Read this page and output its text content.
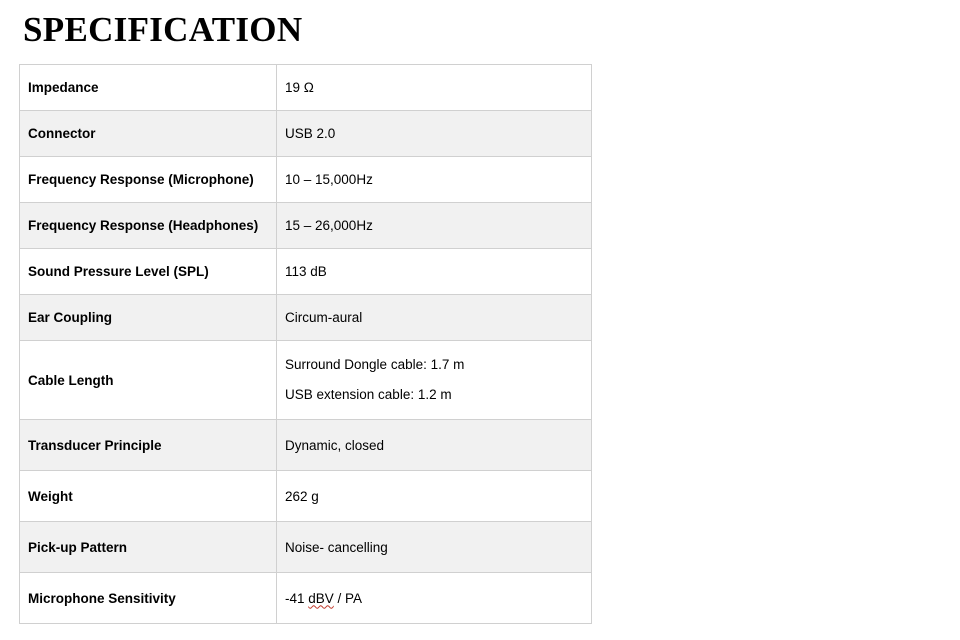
SPECIFICATION
Impedance	19 Ω
Connector	USB 2.0
Frequency Response (Microphone)	10 – 15,000Hz
Frequency Response (Headphones)	15 – 26,000Hz
Sound Pressure Level (SPL)	113 dB
Ear Coupling	Circum-aural
Cable Length	Surround Dongle cable: 1.7 m
USB extension cable: 1.2 m

Transducer Principle	Dynamic, closed
Weight	262 g
Pick-up Pattern	Noise- cancelling
Microphone Sensitivity	-41 dBV / PA
